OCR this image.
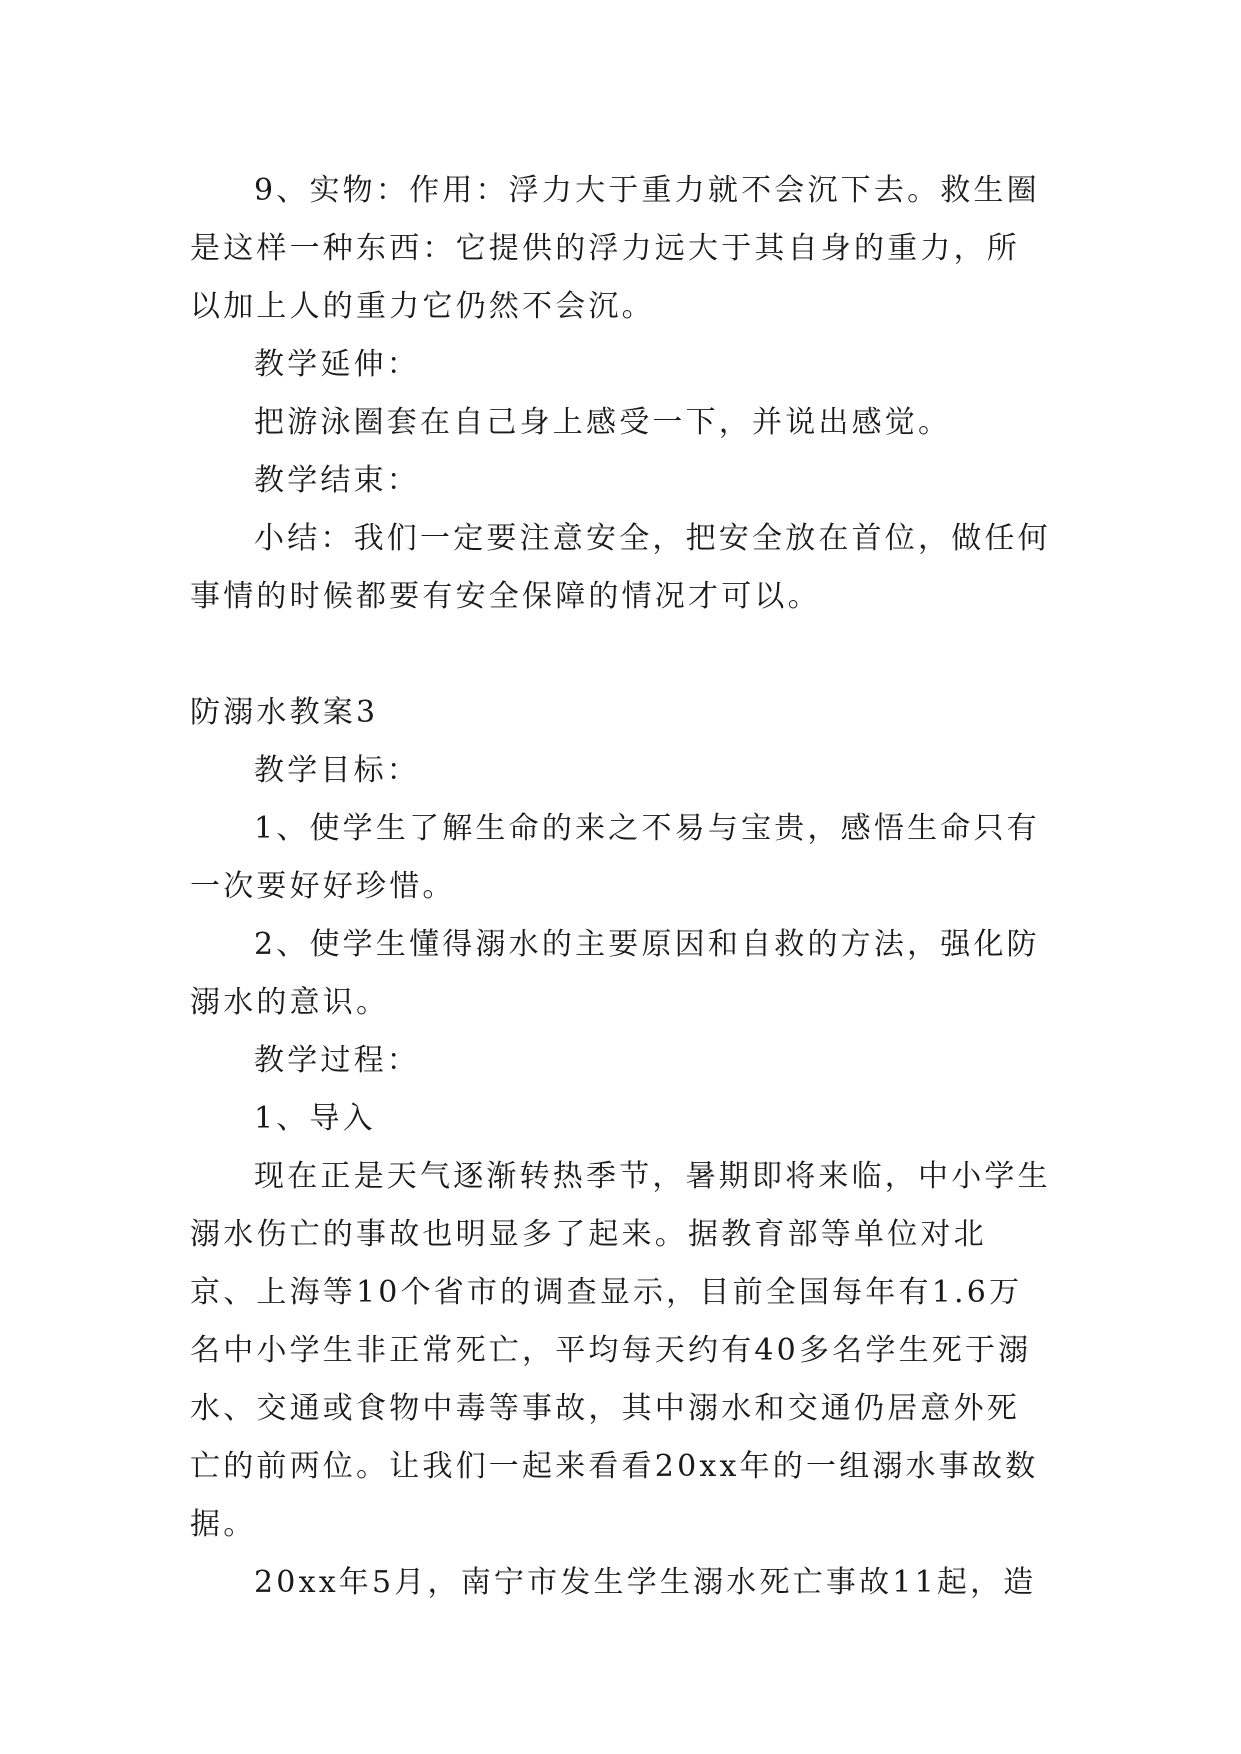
9、实物：作用：浮力大于重力就不会沉下去。救生圈是这样一种东西：它提供的浮力远大于其自身的重力，所以加上人的重力它仍然不会沉。

教学延伸：

把游泳圈套在自己身上感受一下，并说出感觉。

教学结束：

小结：我们一定要注意安全，把安全放在首位，做任何事情的时候都要有安全保障的情况才可以。

防溺水教案3

教学目标：

1、使学生了解生命的来之不易与宝贵，感悟生命只有一次要好好珍惜。

2、使学生懂得溺水的主要原因和自救的方法，强化防溺水的意识。

教学过程：

1、导入

现在正是天气逐渐转热季节，暑期即将来临，中小学生溺水伤亡的事故也明显多了起来。据教育部等单位对北京、上海等10个省市的调查显示，目前全国每年有1.6万名中小学生非正常死亡，平均每天约有40多名学生死于溺水、交通或食物中毒等事故，其中溺水和交通仍居意外死亡的前两位。让我们一起来看看20xx年的一组溺水事故数据。

20xx年5月，南宁市发生学生溺水死亡事故11起，造
